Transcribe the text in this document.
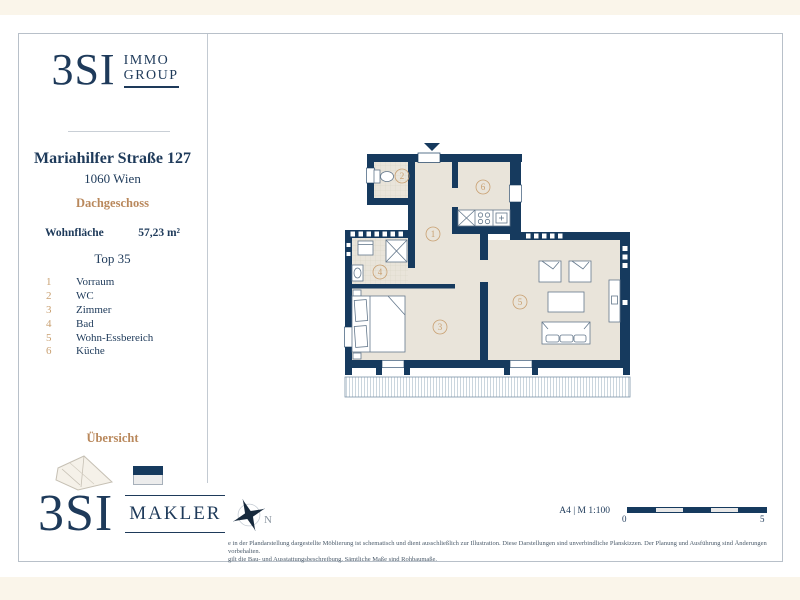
3SI IMMO
GROUP
Mariahilfer Straße 127
1060 Wien
Dachgeschoss
Wohnfläche	57,23 m²
Top 35
1	Vorraum
2	WC
3	Zimmer
4	Bad
5	Wohn-Essbereich
6	Küche
Übersicht
3SI MAKLER	N
A4 | M 1:100
0	5
e in der Plandarstellung dargestellte Möblierung ist schematisch und dient ausschließlich zur Illustration. Diese Darstellungen sind unverbindliche Planskizzen. Der Planung und Ausführung sind Änderungen vorbehalten.
gilt die Bau- und Ausstattungsbeschreibung. Sämtliche Maße sind Rohbaumaße.
1
2
3
4
5
6
